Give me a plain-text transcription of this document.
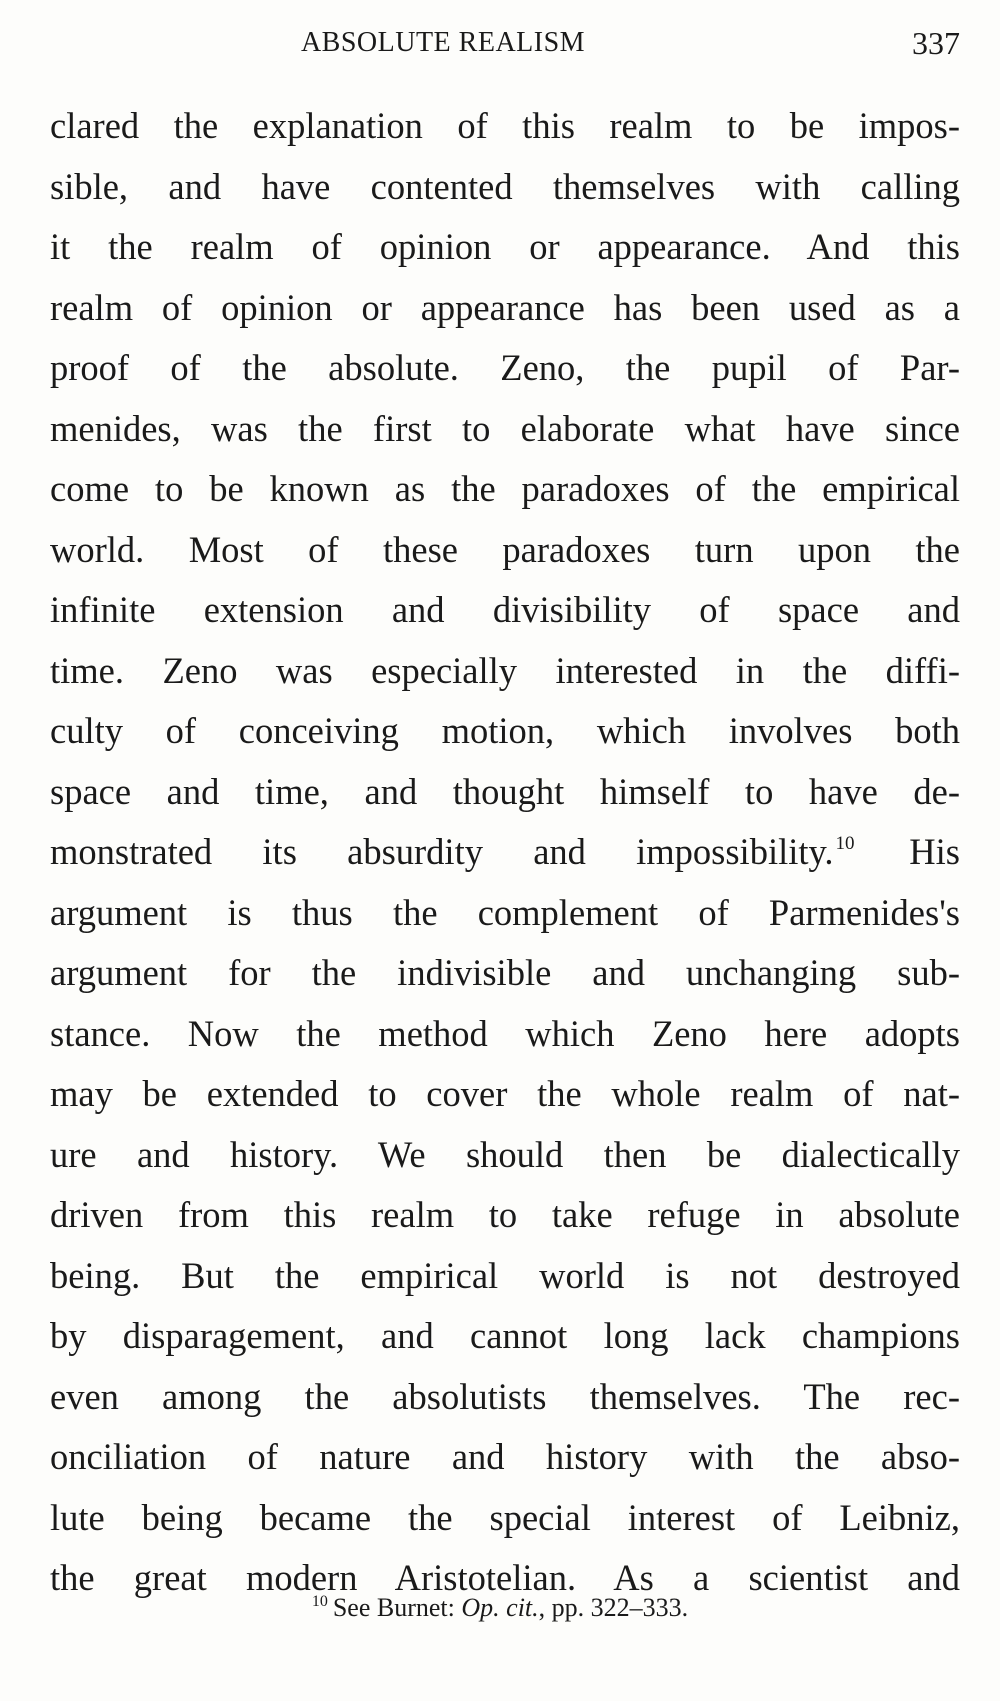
ABSOLUTE REALISM	337
clared the explanation of this realm to be impos-
sible, and have contented themselves with calling
it the realm of opinion or appearance. And this
realm of opinion or appearance has been used as a
proof of the absolute. Zeno, the pupil of Par-
menides, was the first to elaborate what have since
come to be known as the paradoxes of the empirical
world. Most of these paradoxes turn upon the
infinite extension and divisibility of space and
time. Zeno was especially interested in the diffi-
culty of conceiving motion, which involves both
space and time, and thought himself to have de-
monstrated its absurdity and impossibility. $^{10}$   His
argument is thus the complement of Parmenides's
argument for the indivisible and unchanging sub-
stance. Now the method which Zeno here adopts
may be extended to cover the whole realm of nat-
ure and history. We should then be dialectically
driven from this realm to take refuge in absolute
being. But the empirical world is not destroyed
by disparagement, and cannot long lack champions
even among the absolutists themselves. The rec-
onciliation of nature and history with the abso-
lute being became the special interest of Leibniz,
the great modern Aristotelian. As a scientist and
$^{10}$ See Burnet: Op. cit., pp. 322–333.
